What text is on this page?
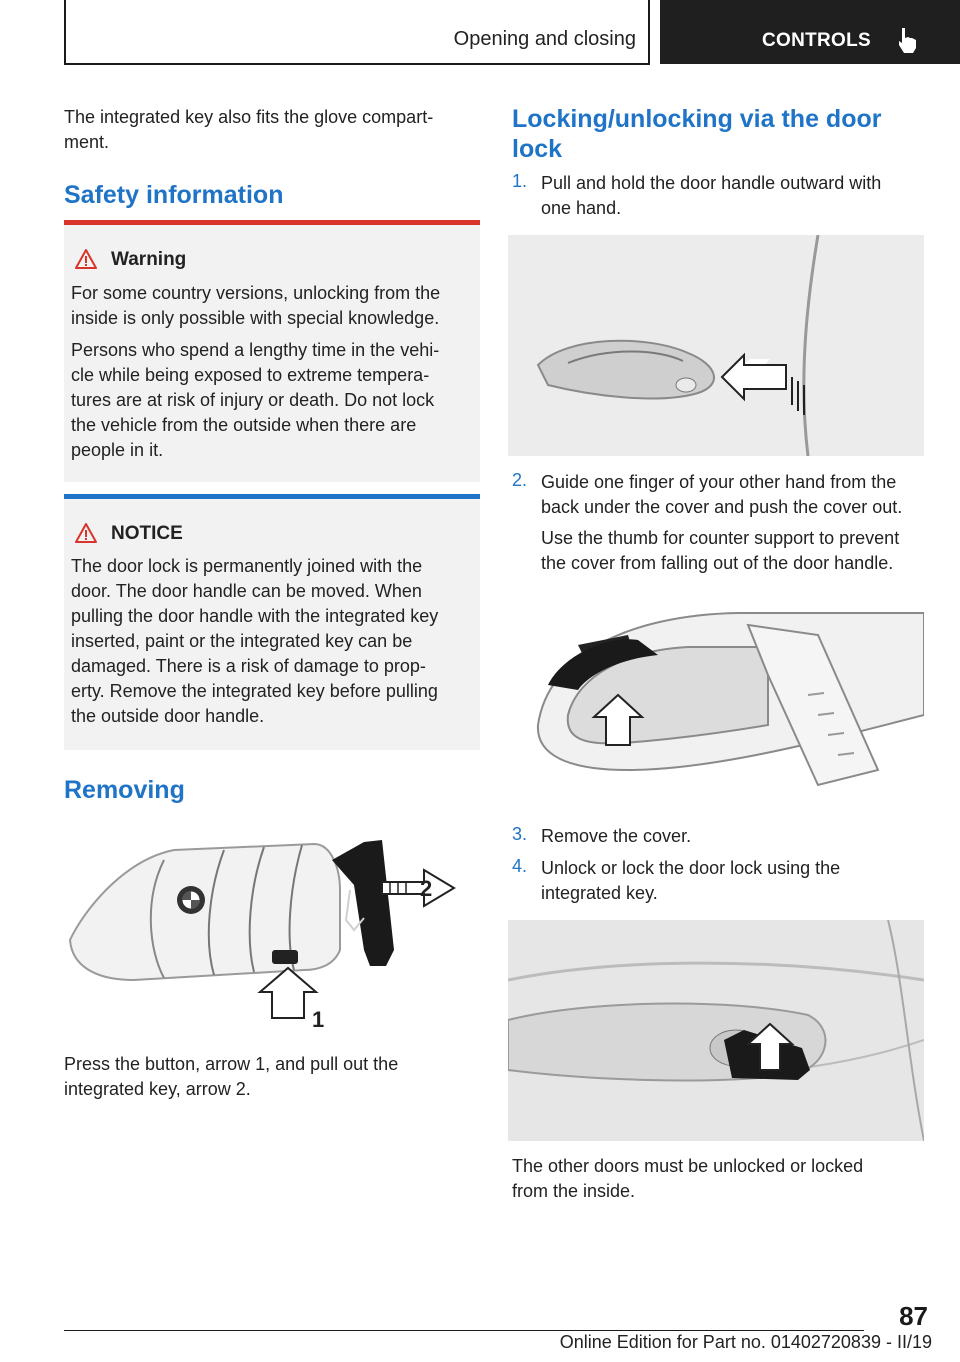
Opening and closing	CONTROLS
The integrated key also fits the glove compart-
ment.
Safety information
Warning
For some country versions, unlocking from the inside is only possible with special knowledge.
Persons who spend a lengthy time in the vehi-
cle while being exposed to extreme tempera-
tures are at risk of injury or death. Do not lock
the vehicle from the outside when there are
people in it.
NOTICE
The door lock is permanently joined with the
door. The door handle can be moved. When
pulling the door handle with the integrated key
inserted, paint or the integrated key can be
damaged. There is a risk of damage to prop-
erty. Remove the integrated key before pulling
the outside door handle.
Removing
1
2
Press the button, arrow 1, and pull out the
integrated key, arrow 2.
Locking/unlocking via the door
lock
1. Pull and hold the door handle outward with
one hand.
2. Guide one finger of your other hand from the
back under the cover and push the cover out.
Use the thumb for counter support to prevent
the cover from falling out of the door handle.
3. Remove the cover.
4. Unlock or lock the door lock using the
integrated key.
The other doors must be unlocked or locked
from the inside.
87
Online Edition for Part no. 01402720839 - II/19
